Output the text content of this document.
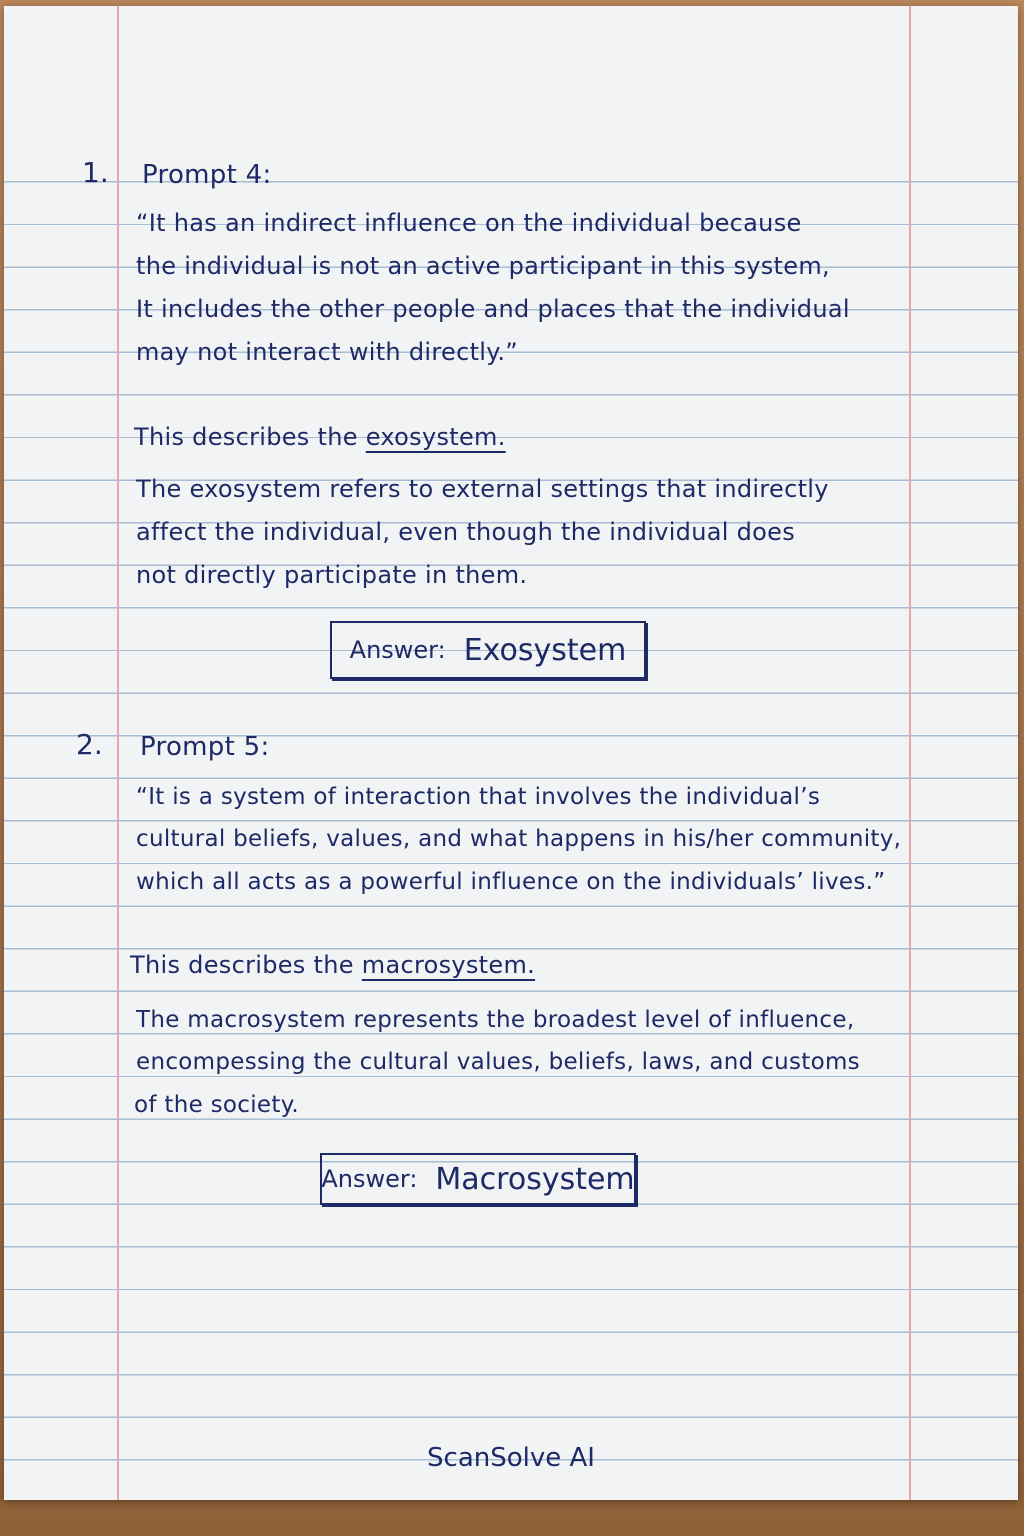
1. Prompt 4:
“It has an indirect influence on the individual because
the individual is not an active participant in this system,
It includes the other people and places that the individual
may not interact with directly.”
This describes the exosystem.
The exosystem refers to external settings that indirectly
affect the individual, even though the individual does
not directly participate in them.
Answer: Exosystem
2. Prompt 5:
“It is a system of interaction that involves the individual’s
cultural beliefs, values, and what happens in his/her community,
which all acts as a powerful influence on the individuals’ lives.”
This describes the macrosystem.
The macrosystem represents the broadest level of influence,
encompessing the cultural values, beliefs, laws, and customs
of the society.
Answer: Macrosystem
ScanSolve AI
